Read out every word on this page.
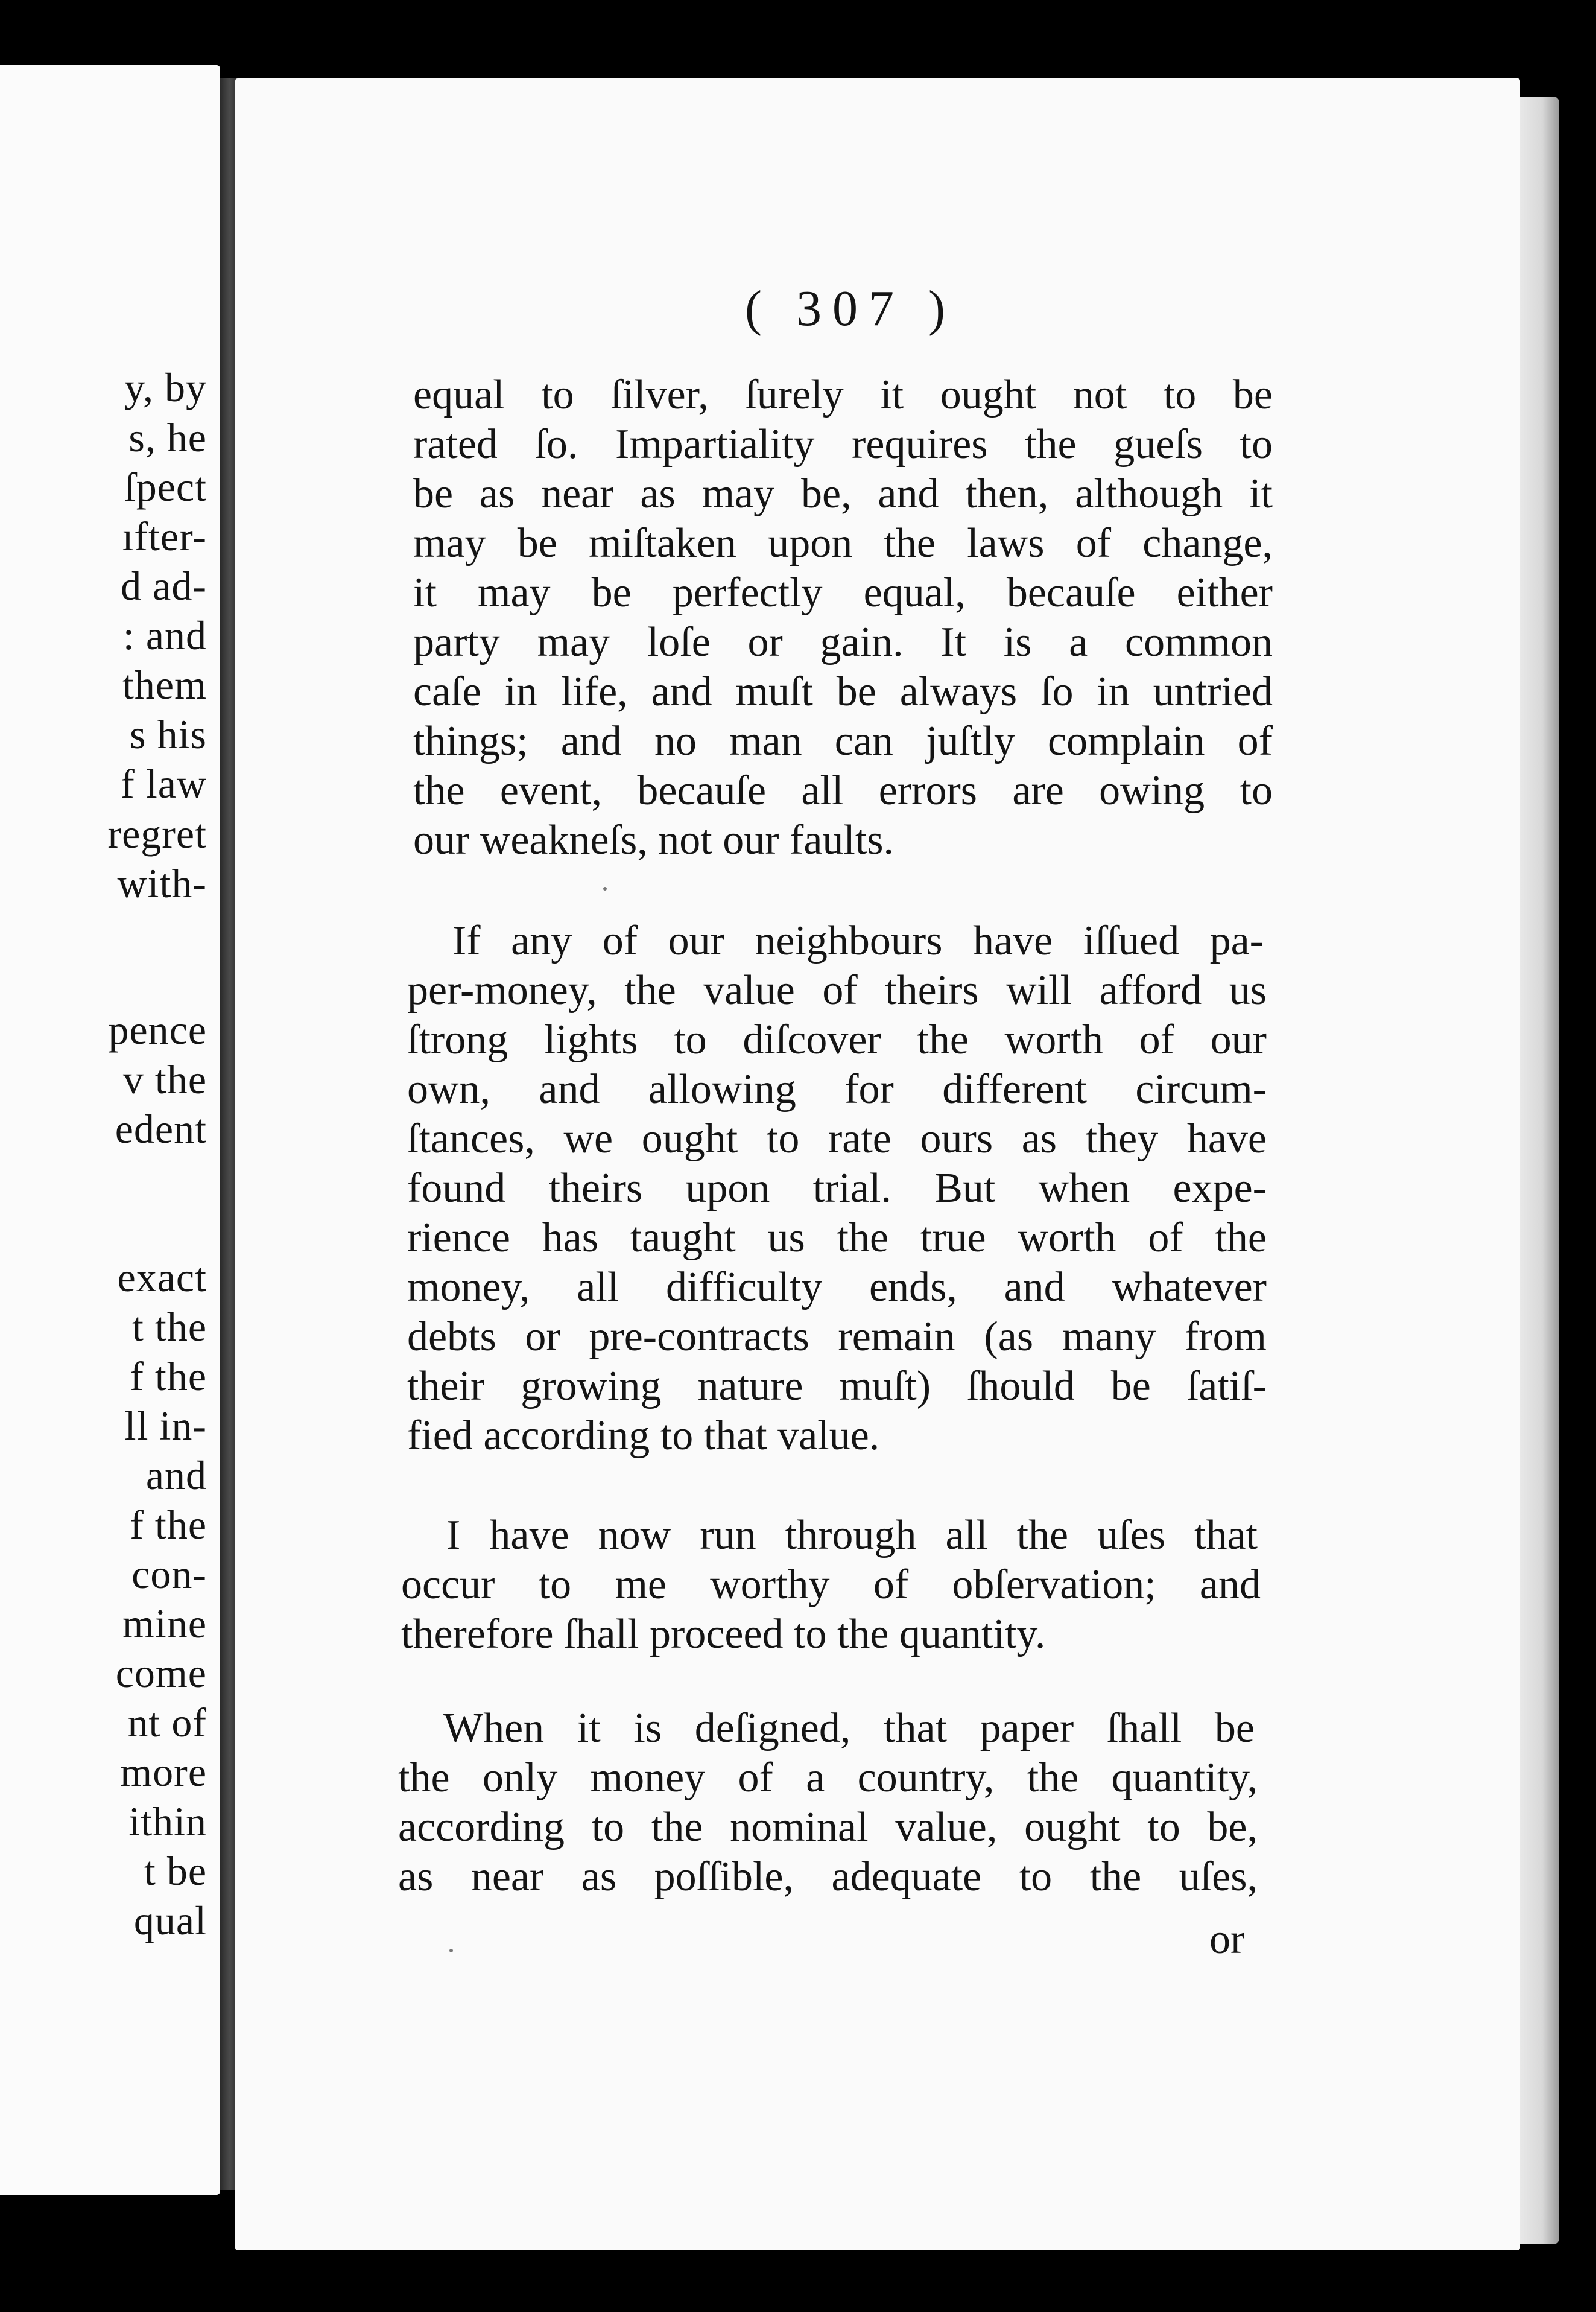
y, by
s, he
ſpect
ıfter-
d ad-
: and
them
s his
f law
regret
with-
pence
v the
edent
exact
t the
f the
ll in-
and
f the
con-
mine
come
nt of
more
ithin
t be
qual
( 307 )
equal to ſilver, ſurely it ought not to be
rated ſo. Impartiality requires the gueſs to
be as near as may be, and then, although it
may be miſtaken upon the laws of change,
it may be perfectly equal, becauſe either
party may loſe or gain. It is a common
caſe in life, and muſt be always ſo in untried
things; and no man can juſtly complain of
the event, becauſe all errors are owing to
our weakneſs, not our faults.
If any of our neighbours have iſſued pa-
per-money, the value of theirs will afford us
ſtrong lights to diſcover the worth of our
own, and allowing for different circum-
ſtances, we ought to rate ours as they have
found theirs upon trial. But when expe-
rience has taught us the true worth of the
money, all difficulty ends, and whatever
debts or pre-contracts remain (as many from
their growing nature muſt) ſhould be ſatiſ-
fied according to that value.
I have now run through all the uſes that
occur to me worthy of obſervation; and
therefore ſhall proceed to the quantity.
When it is deſigned, that paper ſhall be
the only money of a country, the quantity,
according to the nominal value, ought to be,
as near as poſſible, adequate to the uſes,
or
